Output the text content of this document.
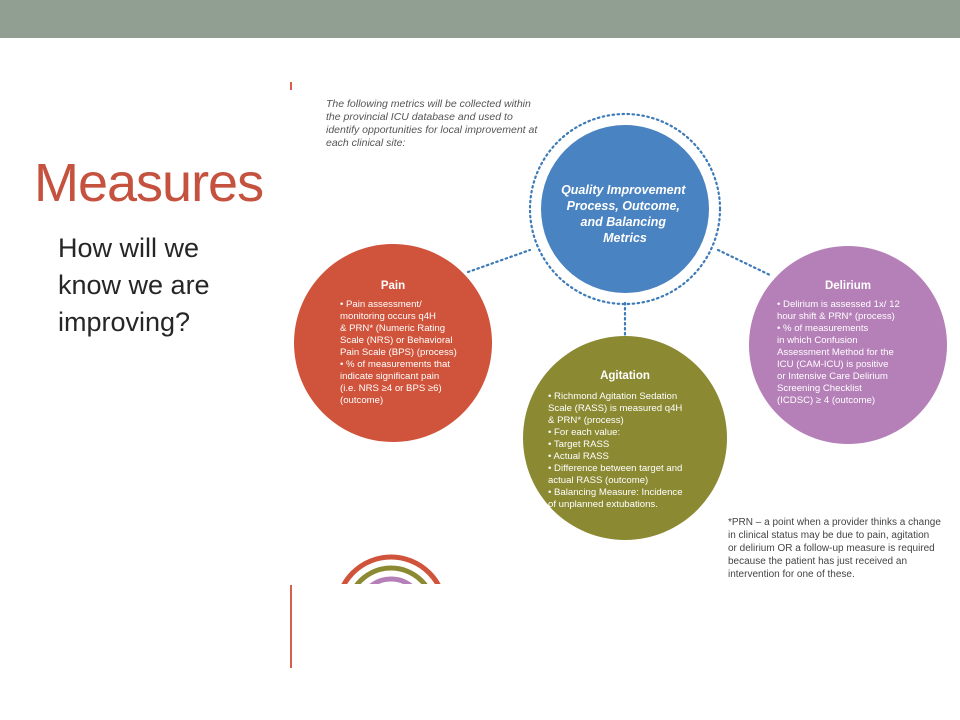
Measures
How will we know we are improving?
The following metrics will be collected within the provincial ICU database and used to identify opportunities for local improvement at each clinical site:
Quality Improvement Process, Outcome, and Balancing Metrics
Pain
• Pain assessment/ monitoring occurs q4H & PRN* (Numeric Rating Scale (NRS) or Behavioral Pain Scale (BPS) (process) • % of measurements that indicate significant pain (i.e. NRS ≥4 or BPS ≥6) (outcome)
Delirium
• Delirium is assessed 1x/ 12 hour shift & PRN* (process) • % of measurements in which Confusion Assessment Method for the ICU (CAM-ICU) is positive or Intensive Care Delirium Screening Checklist (ICDSC) ≥ 4 (outcome)
Agitation
• Richmond Agitation Sedation Scale (RASS) is measured q4H & PRN* (process) • For each value: • Target RASS • Actual RASS • Difference between target and actual RASS (outcome) • Balancing Measure: Incidence of unplanned extubations.
*PRN – a point when a provider thinks a change in clinical status may be due to pain, agitation or delirium OR a follow-up measure is required because the patient has just received an intervention for one of these.
